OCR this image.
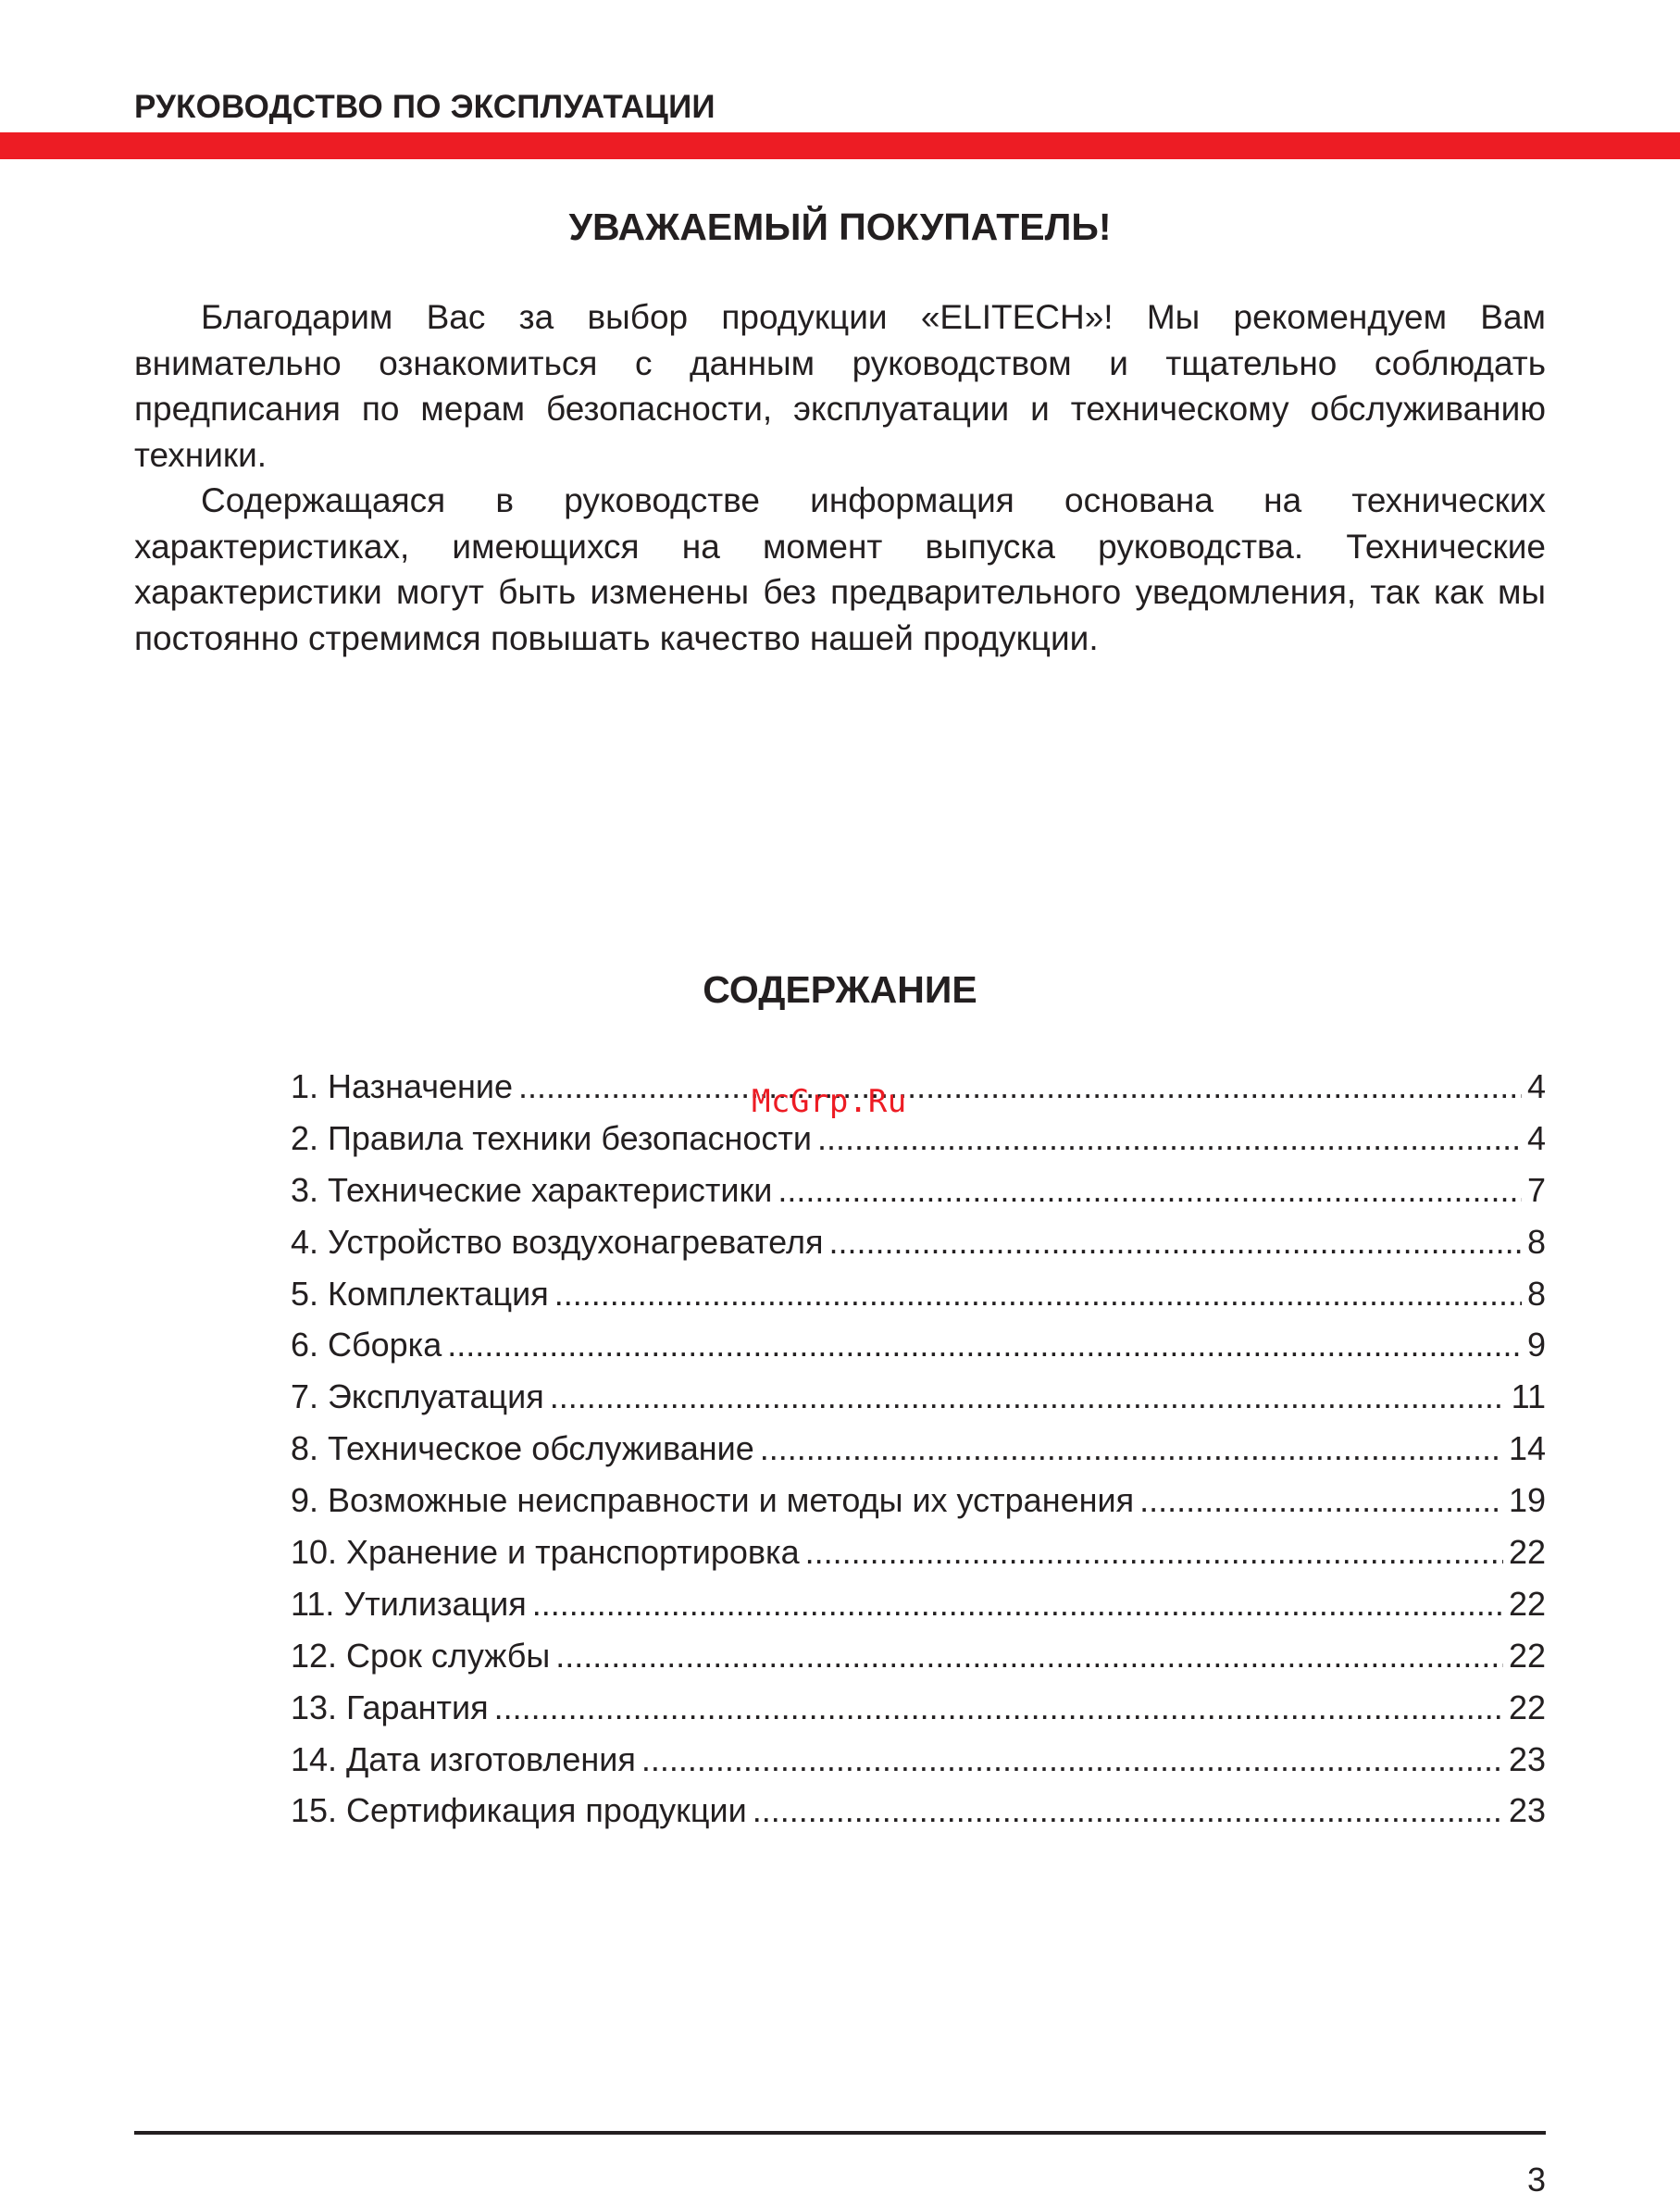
РУКОВОДСТВО ПО ЭКСПЛУАТАЦИИ
УВАЖАЕМЫЙ ПОКУПАТЕЛЬ!

Благодарим Вас за выбор продукции «ELITECH»! Мы рекомендуем Вам внимательно ознакомиться с данным руководством и тщательно соблюдать предписания по мерам безопасности, эксплуатации и техническому обслуживанию техники.

Содержащаяся в руководстве информация основана на технических характеристиках, имеющихся на момент выпуска руководства. Технические характеристики могут быть изменены без предварительного уведомления, так как мы постоянно стремимся повышать качество нашей продукции.

СОДЕРЖАНИЕ
1. Назначение .....	4
2. Правила техники безопасности .....	4
3. Технические характеристики .....	7
4. Устройство воздухонагревателя .....	8
5. Комплектация .....	8
6. Сборка .....	9
7. Эксплуатация .....	11
8. Техническое обслуживание .....	14
9. Возможные неисправности и методы их устранения .....	19
10. Хранение и транспортировка .....	22
11. Утилизация .....	22
12. Срок службы .....	22
13. Гарантия .....	22
14. Дата изготовления .....	23
15. Сертификация продукции .....	23
McGrp.Ru
3
